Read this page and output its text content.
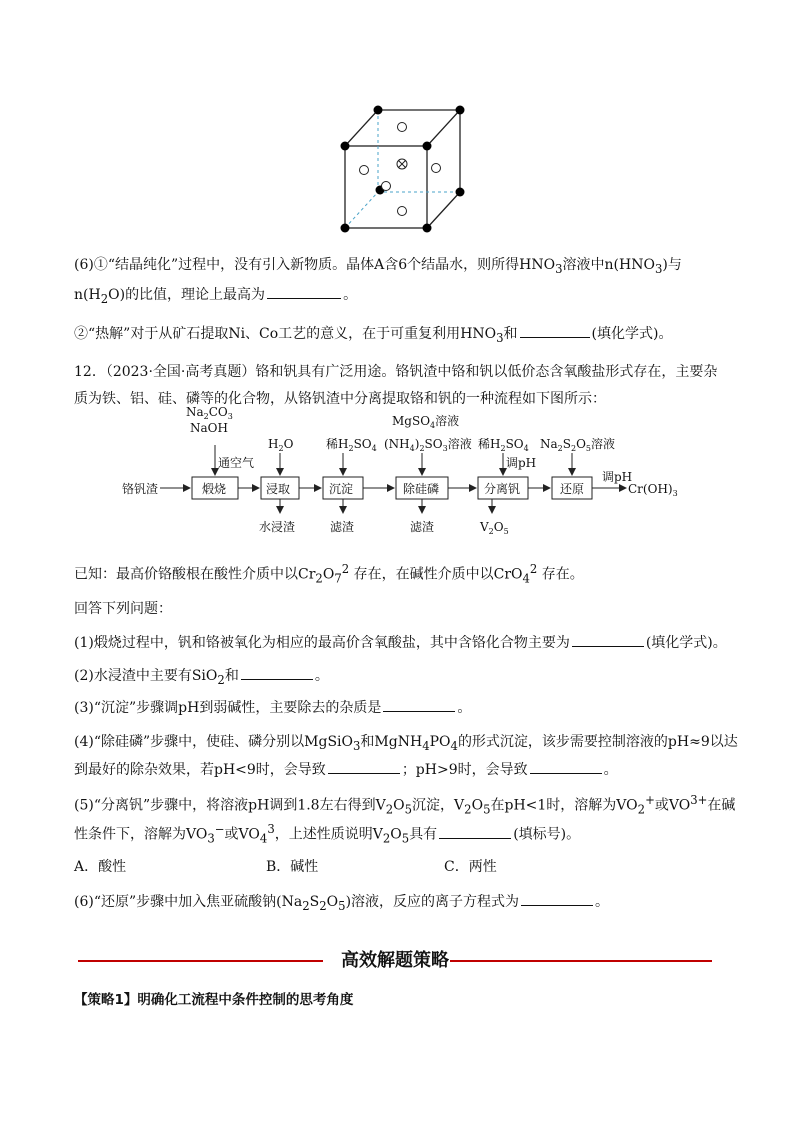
(6)①“结晶纯化”过程中，没有引入新物质。晶体A含6个结晶水，则所得$HNO_3$溶液中$n(HNO_3)$与
$n(H_2O)$的比值，理论上最高为	。
②“热解”对于从矿石提取Ni、Co工艺的意义，在于可重复利用$HNO_3$和	(填化学式)。
12．（2023·全国·高考真题）铬和钒具有广泛用途。铬钒渣中铬和钒以低价态含氧酸盐形式存在，主要杂
质为铁、铝、硅、磷等的化合物，从铬钒渣中分离提取铬和钒的一种流程如下图所示：
铬钒渣	煅烧	浸取	沉淀	除硅磷	分离钒	还原
$Na_2CO_3$
NaOH
通空气
$H_2O$	稀$H_2SO_4$
MgSO$_4$溶液
$(NH_4)_2SO_3$溶液 稀$H_2SO_4$
调pH
$Na_2S_2O_5$溶液
调pH
$Cr(OH)_3$
水浸渣	滤渣	滤渣	$V_2O_5$
已知：最高价铬酸根在酸性介质中以$Cr_2O_7^2$ 存在，在碱性介质中以CrO$_4^2$ 存在。
回答下列问题：
(1)煅烧过程中，钒和铬被氧化为相应的最高价含氧酸盐，其中含铬化合物主要为	(填化学式)。
(2)水浸渣中主要有SiO$_2$和	。
(3)“沉淀”步骤调pH到弱碱性，主要除去的杂质是	。
(4)“除硅磷”步骤中，使硅、磷分别以MgSiO$_3$和$MgNH_4PO_4$的形式沉淀，该步需要控制溶液的pH≈9以达
到最好的除杂效果，若pH<9时，会导致	；pH>9时，会导致	。
(5)“分离钒”步骤中，将溶液pH调到1.8左右得到$V_2O_5$沉淀，$V_2O_5$在pH<1时，溶解为$VO_2^+$或$VO^{3+}$在碱
性条件下，溶解为$VO_3^-$或$VO_4^3$，上述性质说明$V_2O_5$具有	(填标号)。
A．酸性	B．碱性	C．两性
(6)“还原”步骤中加入焦亚硫酸钠$(Na_2S_2O_5)$溶液，反应的离子方程式为	。
高效解题策略
【策略1】明确化工流程中条件控制的思考角度
